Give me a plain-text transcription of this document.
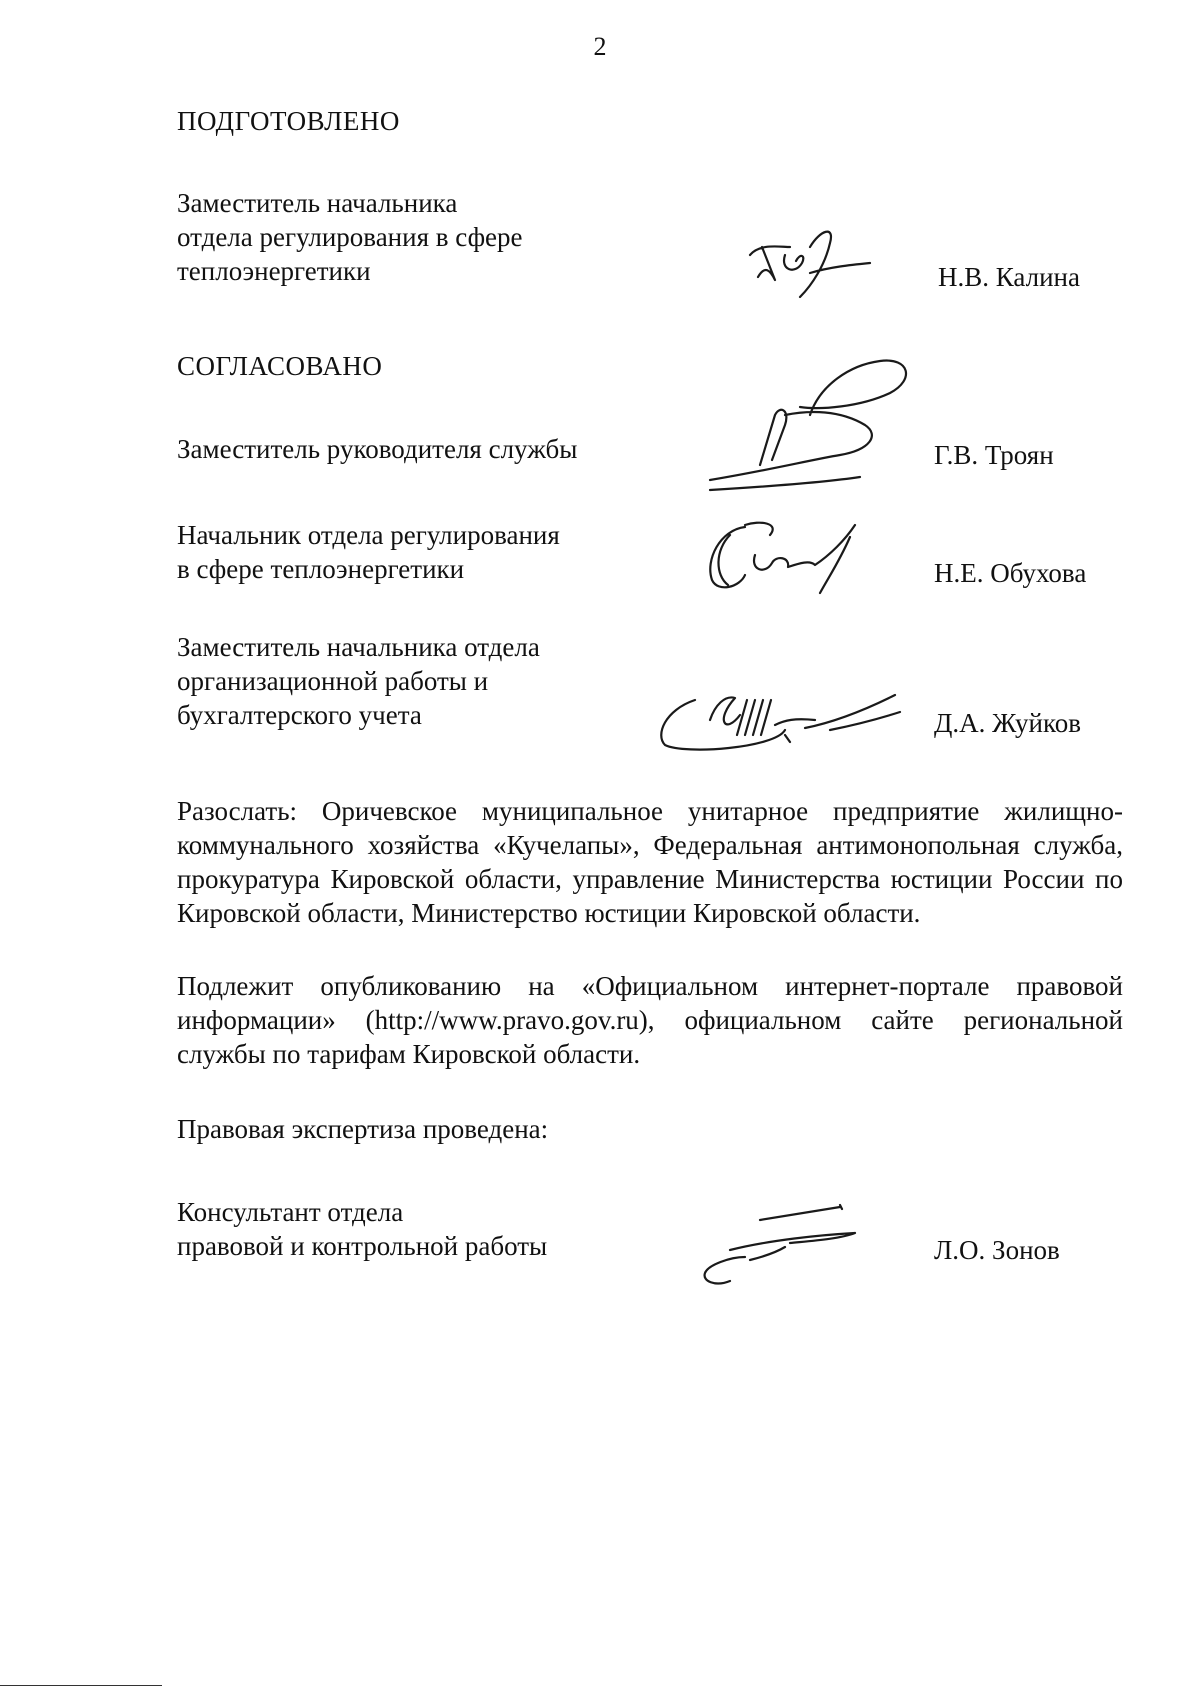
2
ПОДГОТОВЛЕНО
Заместитель начальника
отдела регулирования в сфере
теплоэнергетики	Н.В. Калина
СОГЛАСОВАНО
Заместитель руководителя службы	Г.В. Троян
Начальник отдела регулирования
в сфере теплоэнергетики	Н.Е. Обухова
Заместитель начальника отдела
организационной работы и
бухгалтерского учета	Д.А. Жуйков
Разослать: Оричевское муниципальное унитарное предприятие жилищно-коммунального хозяйства «Кучелапы», Федеральная антимонопольная служба, прокуратура Кировской области, управление Министерства юстиции России по Кировской области, Министерство юстиции Кировской области.
Подлежит опубликованию на «Официальном интернет-портале правовой информации» (http://www.pravo.gov.ru), официальном сайте региональной службы по тарифам Кировской области.
Правовая экспертиза проведена:
Консультант отдела
правовой и контрольной работы	Л.О. Зонов
